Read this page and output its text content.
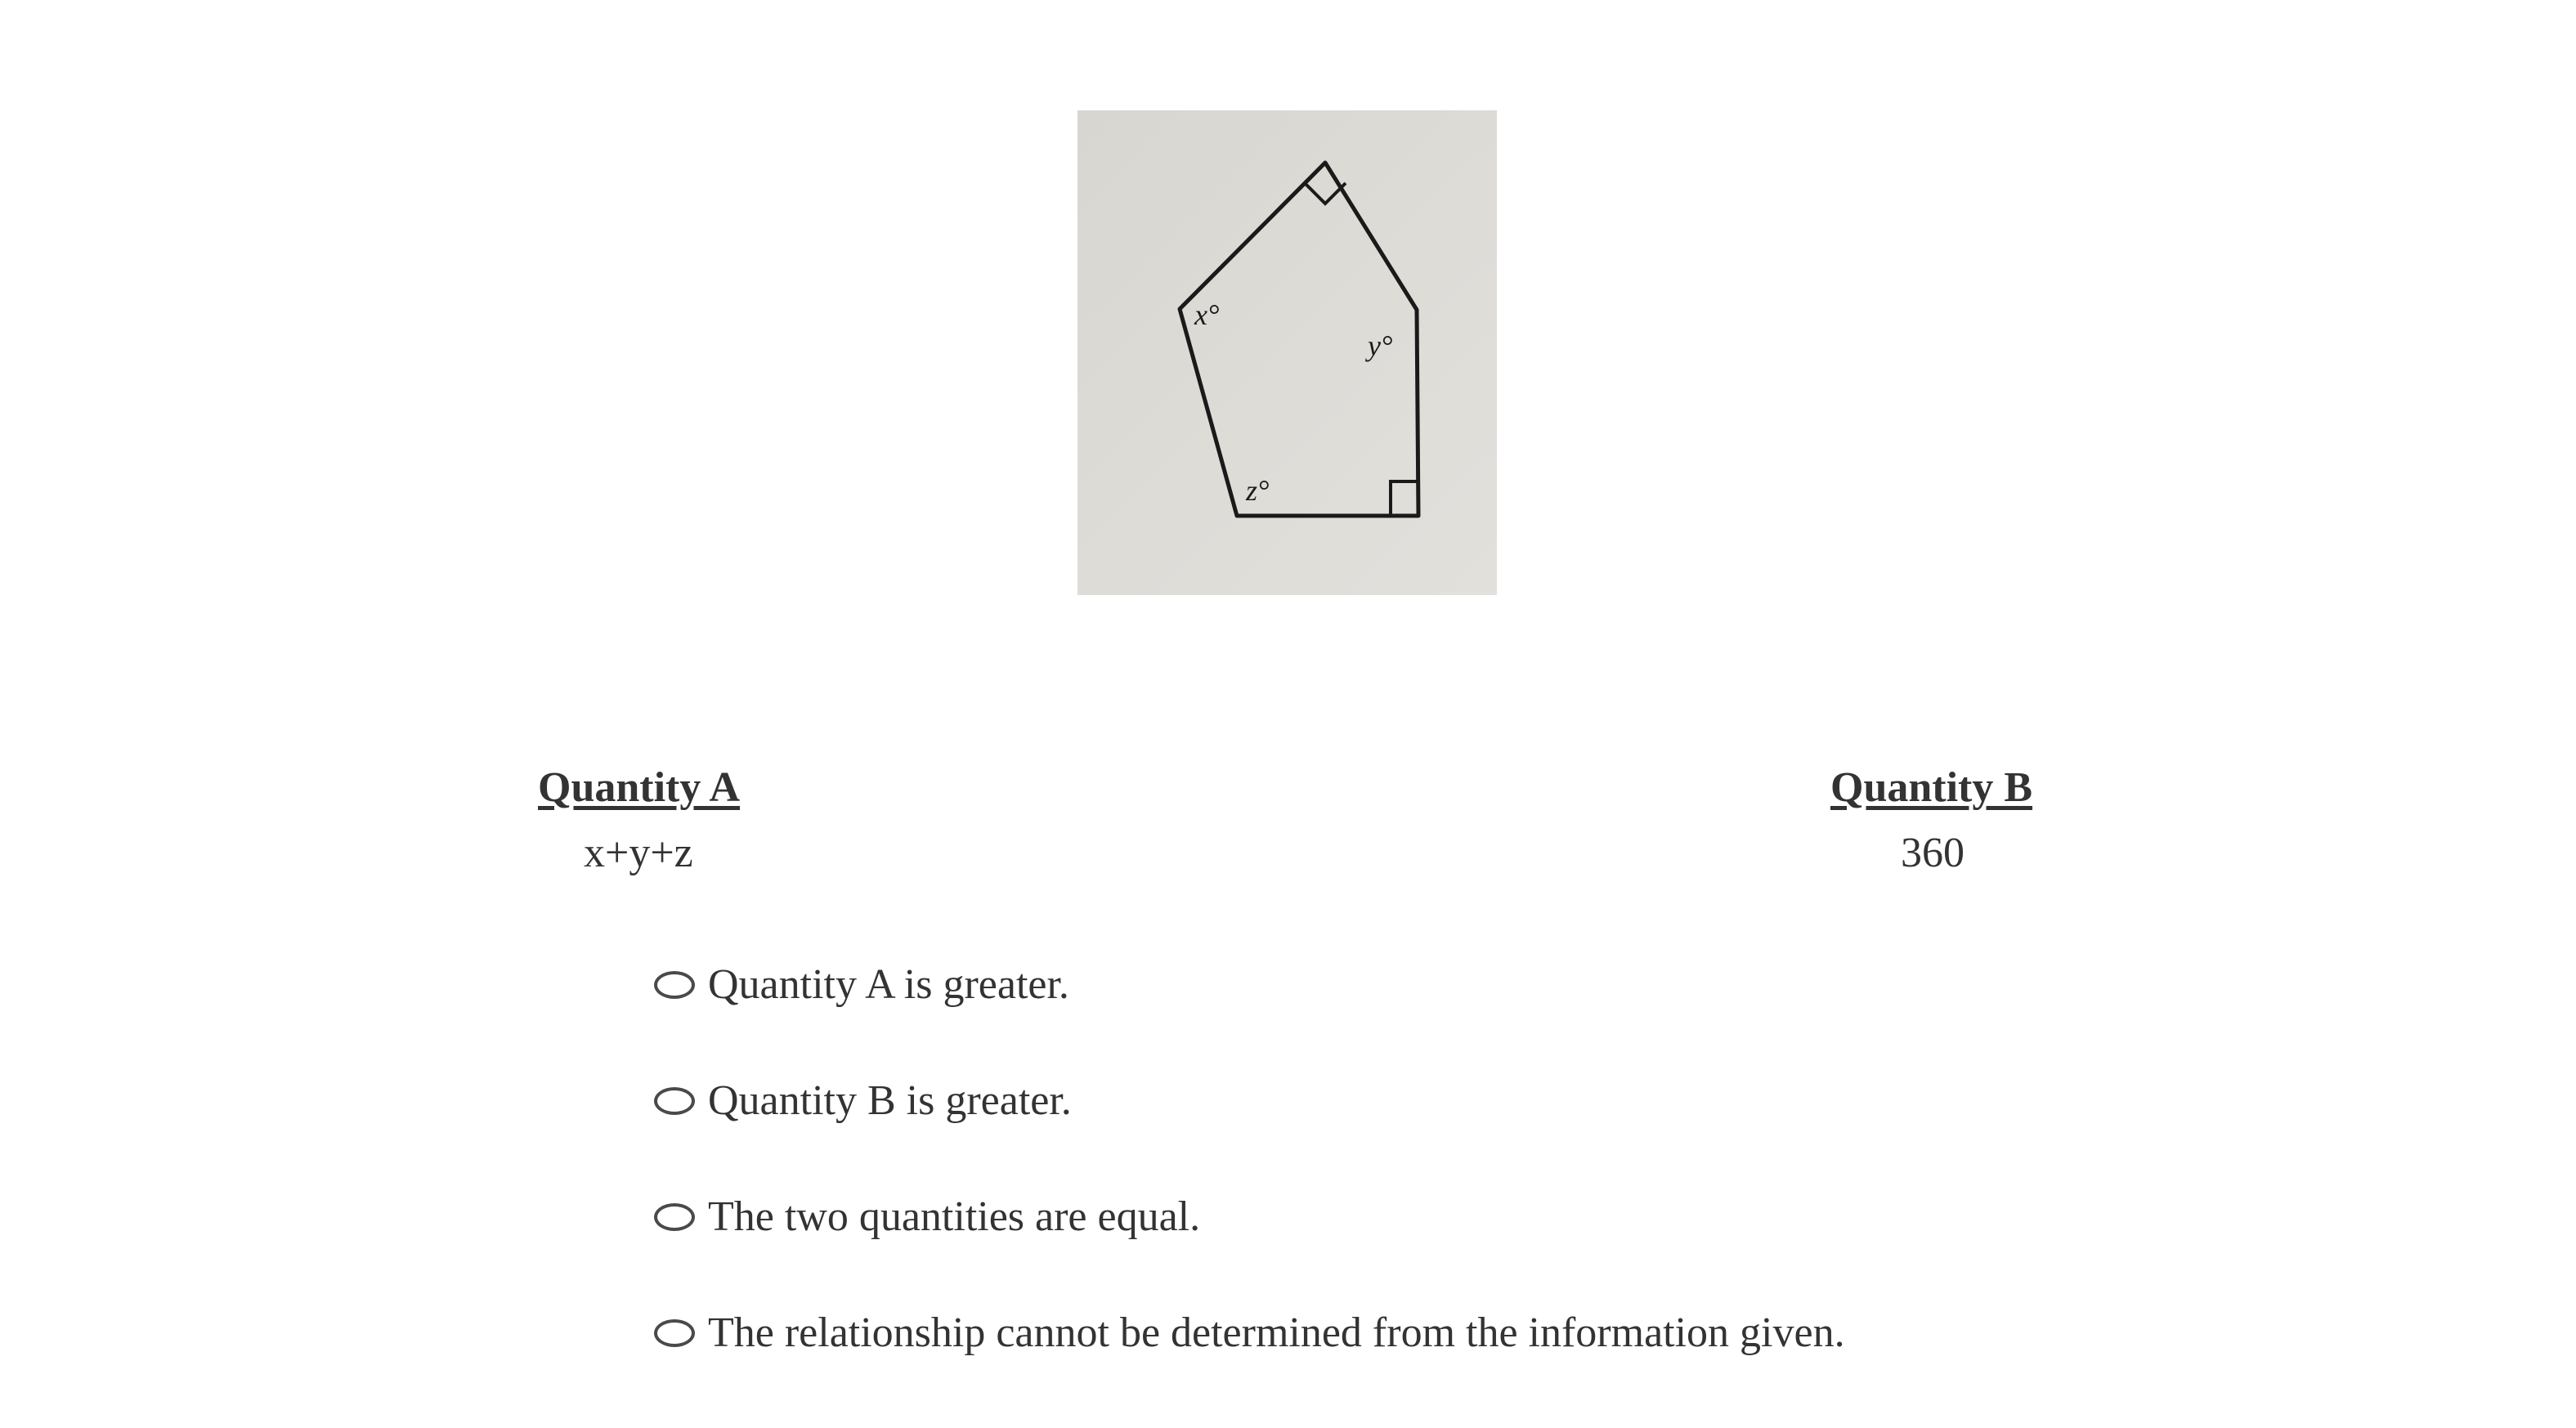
x°
y°
z°
Quantity A
x+y+z
Quantity B
360
Quantity A is greater.
Quantity B is greater.
The two quantities are equal.
The relationship cannot be determined from the information given.
